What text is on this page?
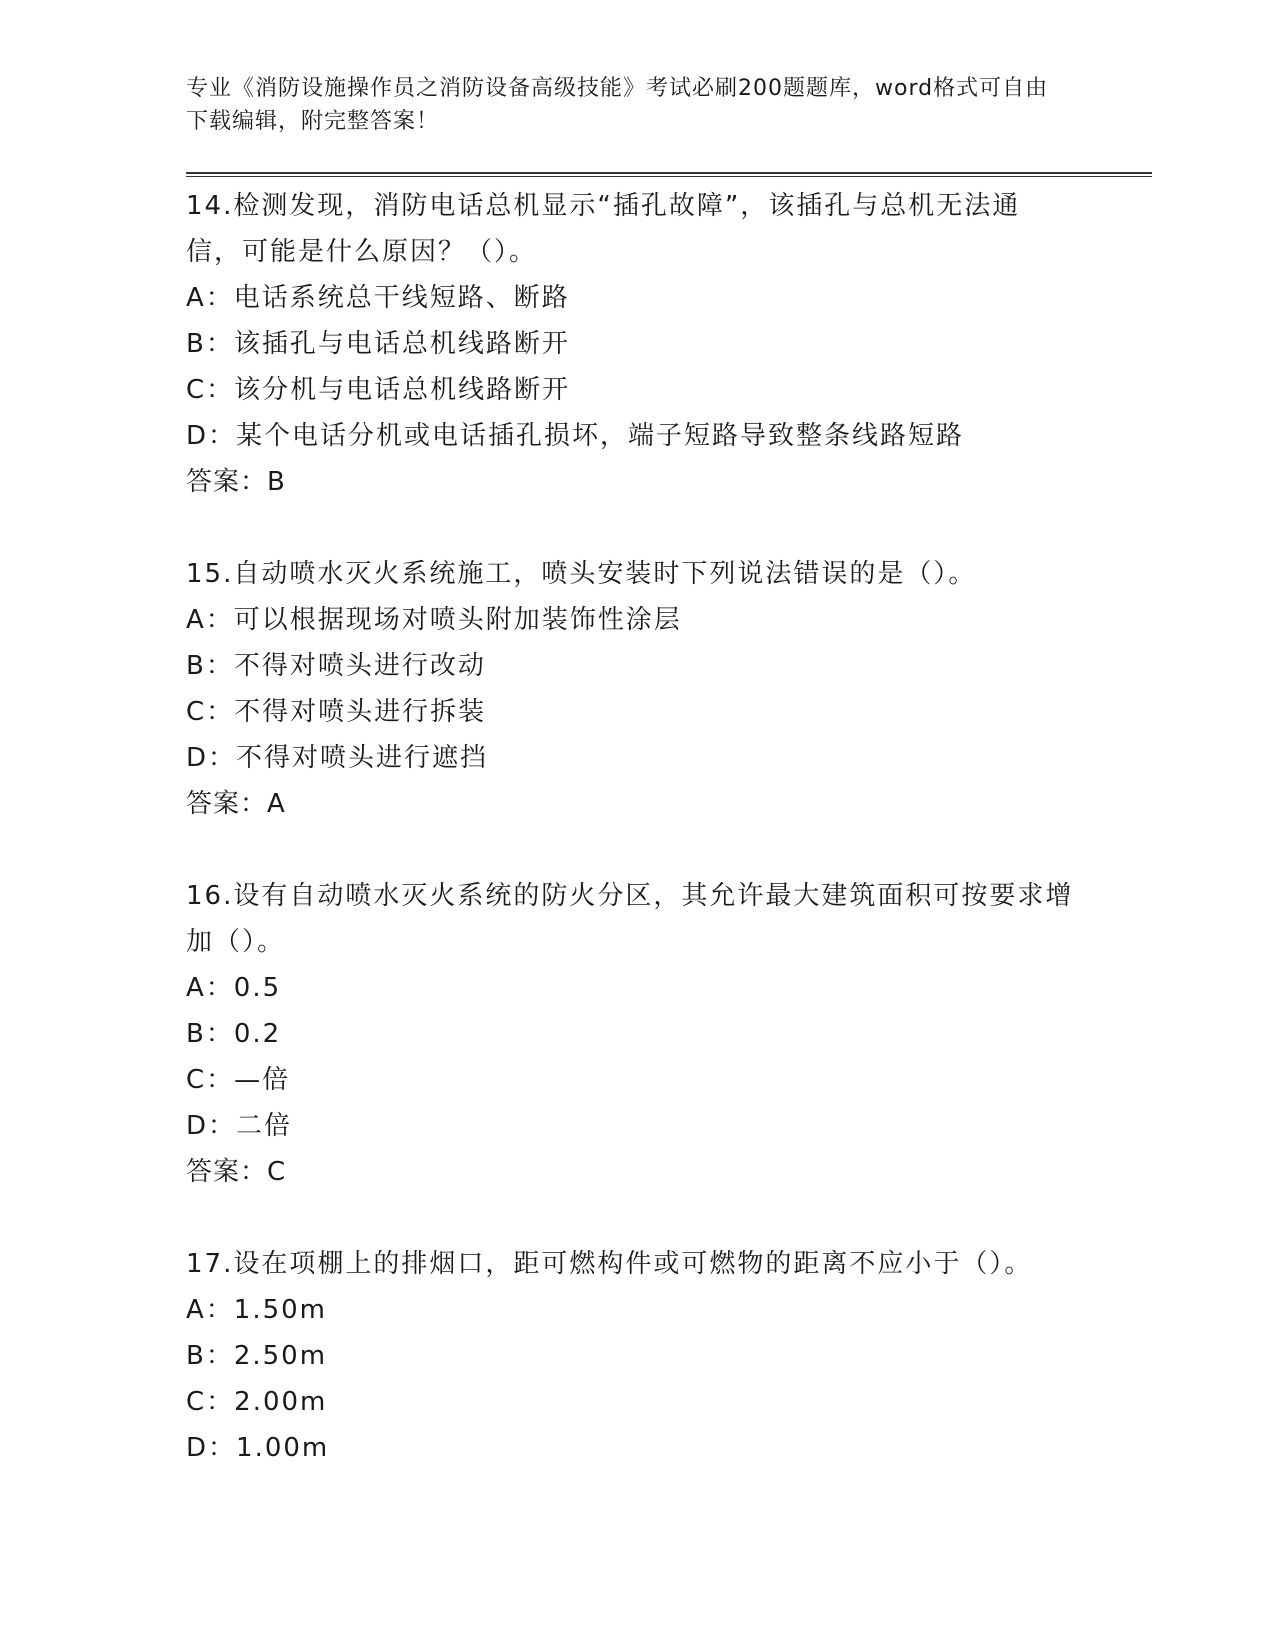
专业《消防设施操作员之消防设备高级技能》考试必刷200题题库，word格式可自由下载编辑，附完整答案！

14.检测发现，消防电话总机显示“插孔故障”，该插孔与总机无法通信，可能是什么原因？（）。

A：电话系统总干线短路、断路

B：该插孔与电话总机线路断开

C：该分机与电话总机线路断开

D：某个电话分机或电话插孔损坏，端子短路导致整条线路短路

答案：B

15.自动喷水灭火系统施工，喷头安装时下列说法错误的是（）。

A：可以根据现场对喷头附加装饰性涂层

B：不得对喷头进行改动

C：不得对喷头进行拆装

D：不得对喷头进行遮挡

答案：A

16.设有自动喷水灭火系统的防火分区，其允许最大建筑面积可按要求增加（）。

A：0.5

B：0.2

C：—倍

D：二倍

答案：C

17.设在项棚上的排烟口，距可燃构件或可燃物的距离不应小于（）。

A：1.50m

B：2.50m

C：2.00m

D：1.00m
